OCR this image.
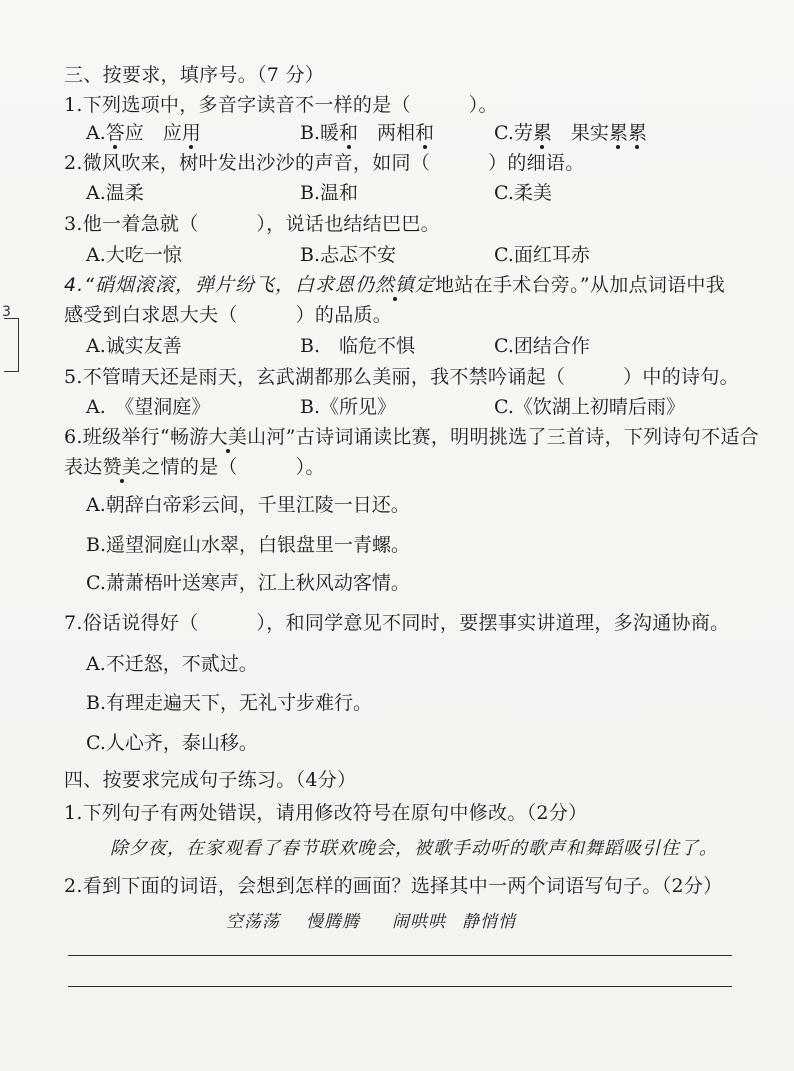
3
三、按要求，填序号。（7 分）
1.下列选项中，多音字读音不一样的是（　　　）。
A.答应　应用	B.暖和　两相和	C.劳累　果实累累
2.微风吹来，树叶发出沙沙的声音，如同（　　　）的细语。
A.温柔	B.温和	C.柔美
3.他一着急就（　　　），说话也结结巴巴。
A.大吃一惊	B.忐忑不安	C.面红耳赤
4.“硝烟滚滚，弹片纷飞，白求恩仍然镇定地站在手术台旁。”从加点词语中我
感受到白求恩大夫（　　　）的品质。
A.诚实友善	B.　临危不惧	C.团结合作
5.不管晴天还是雨天，玄武湖都那么美丽，我不禁吟诵起（　　　）中的诗句。
A.　《望洞庭》	B.《所见》	C.《饮湖上初晴后雨》
6.班级举行“畅游大美山河”古诗词诵读比赛，明明挑选了三首诗，下列诗句不适合
表达赞美之情的是（　　　）。
A.朝辞白帝彩云间，千里江陵一日还。
B.遥望洞庭山水翠，白银盘里一青螺。
C.萧萧梧叶送寒声，江上秋风动客情。
7.俗话说得好（　　　），和同学意见不同时，要摆事实讲道理，多沟通协商。
A.不迁怒，不贰过。
B.有理走遍天下，无礼寸步难行。
C.人心齐，泰山移。
四、按要求完成句子练习。（4分）
1.下列句子有两处错误，请用修改符号在原句中修改。（2分）
除夕夜，在家观看了春节联欢晚会，被歌手动听的歌声和舞蹈吸引住了。
2.看到下面的词语，会想到怎样的画面？选择其中一两个词语写句子。（2分）
空荡荡 慢腾腾 闹哄哄 静悄悄
